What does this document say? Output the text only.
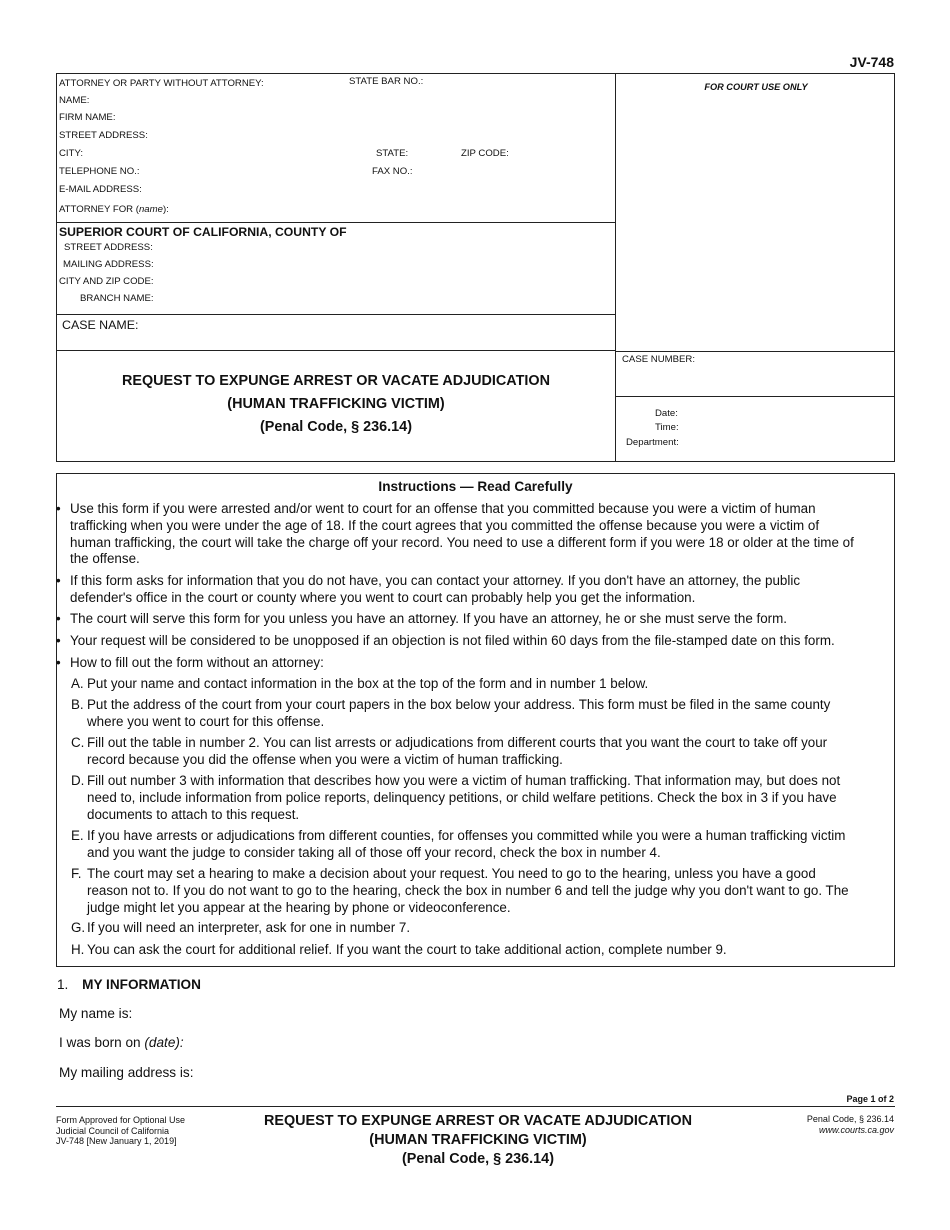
JV-748
ATTORNEY OR PARTY WITHOUT ATTORNEY:	STATE BAR NO.:
NAME:
FIRM NAME:
STREET ADDRESS:
CITY:	STATE:	ZIP CODE:
TELEPHONE NO.:	FAX NO.:
E-MAIL ADDRESS:
ATTORNEY FOR (name):
FOR COURT USE ONLY
SUPERIOR COURT OF CALIFORNIA, COUNTY OF
STREET ADDRESS:
MAILING ADDRESS:
CITY AND ZIP CODE:
BRANCH NAME:
CASE NAME:
CASE NUMBER:
REQUEST TO EXPUNGE ARREST OR VACATE ADJUDICATION
(HUMAN TRAFFICKING VICTIM)
(Penal Code, § 236.14)
Date:
Time:
Department:
Instructions — Read Carefully
• Use this form if you were arrested and/or went to court for an offense that you committed because you were a victim of human
trafficking when you were under the age of 18. If the court agrees that you committed the offense because you were a victim of
human trafficking, the court will take the charge off your record. You need to use a different form if you were 18 or older at the time of
the offense.
• If this form asks for information that you do not have, you can contact your attorney. If you don't have an attorney, the public
defender's office in the court or county where you went to court can probably help you get the information.
• The court will serve this form for you unless you have an attorney. If you have an attorney, he or she must serve the form.
• Your request will be considered to be unopposed if an objection is not filed within 60 days from the file-stamped date on this form.
• How to fill out the form without an attorney:
A. Put your name and contact information in the box at the top of the form and in number 1 below.
B. Put the address of the court from your court papers in the box below your address. This form must be filed in the same county
where you went to court for this offense.
C. Fill out the table in number 2. You can list arrests or adjudications from different courts that you want the court to take off your
record because you did the offense when you were a victim of human trafficking.
D. Fill out number 3 with information that describes how you were a victim of human trafficking. That information may, but does not
need to, include information from police reports, delinquency petitions, or child welfare petitions. Check the box in 3 if you have
documents to attach to this request.
E. If you have arrests or adjudications from different counties, for offenses you committed while you were a human trafficking victim
and you want the judge to consider taking all of those off your record, check the box in number 4.
F. The court may set a hearing to make a decision about your request. You need to go to the hearing, unless you have a good
reason not to. If you do not want to go to the hearing, check the box in number 6 and tell the judge why you don't want to go. The
judge might let you appear at the hearing by phone or videoconference.
G. If you will need an interpreter, ask for one in number 7.
H. You can ask the court for additional relief. If you want the court to take additional action, complete number 9.
1. MY INFORMATION
My name is:
I was born on (date):
My mailing address is:
Page 1 of 2
Form Approved for Optional Use
Judicial Council of California
JV-748 [New January 1, 2019]
REQUEST TO EXPUNGE ARREST OR VACATE ADJUDICATION
(HUMAN TRAFFICKING VICTIM)
(Penal Code, § 236.14)
Penal Code, § 236.14
www.courts.ca.gov
